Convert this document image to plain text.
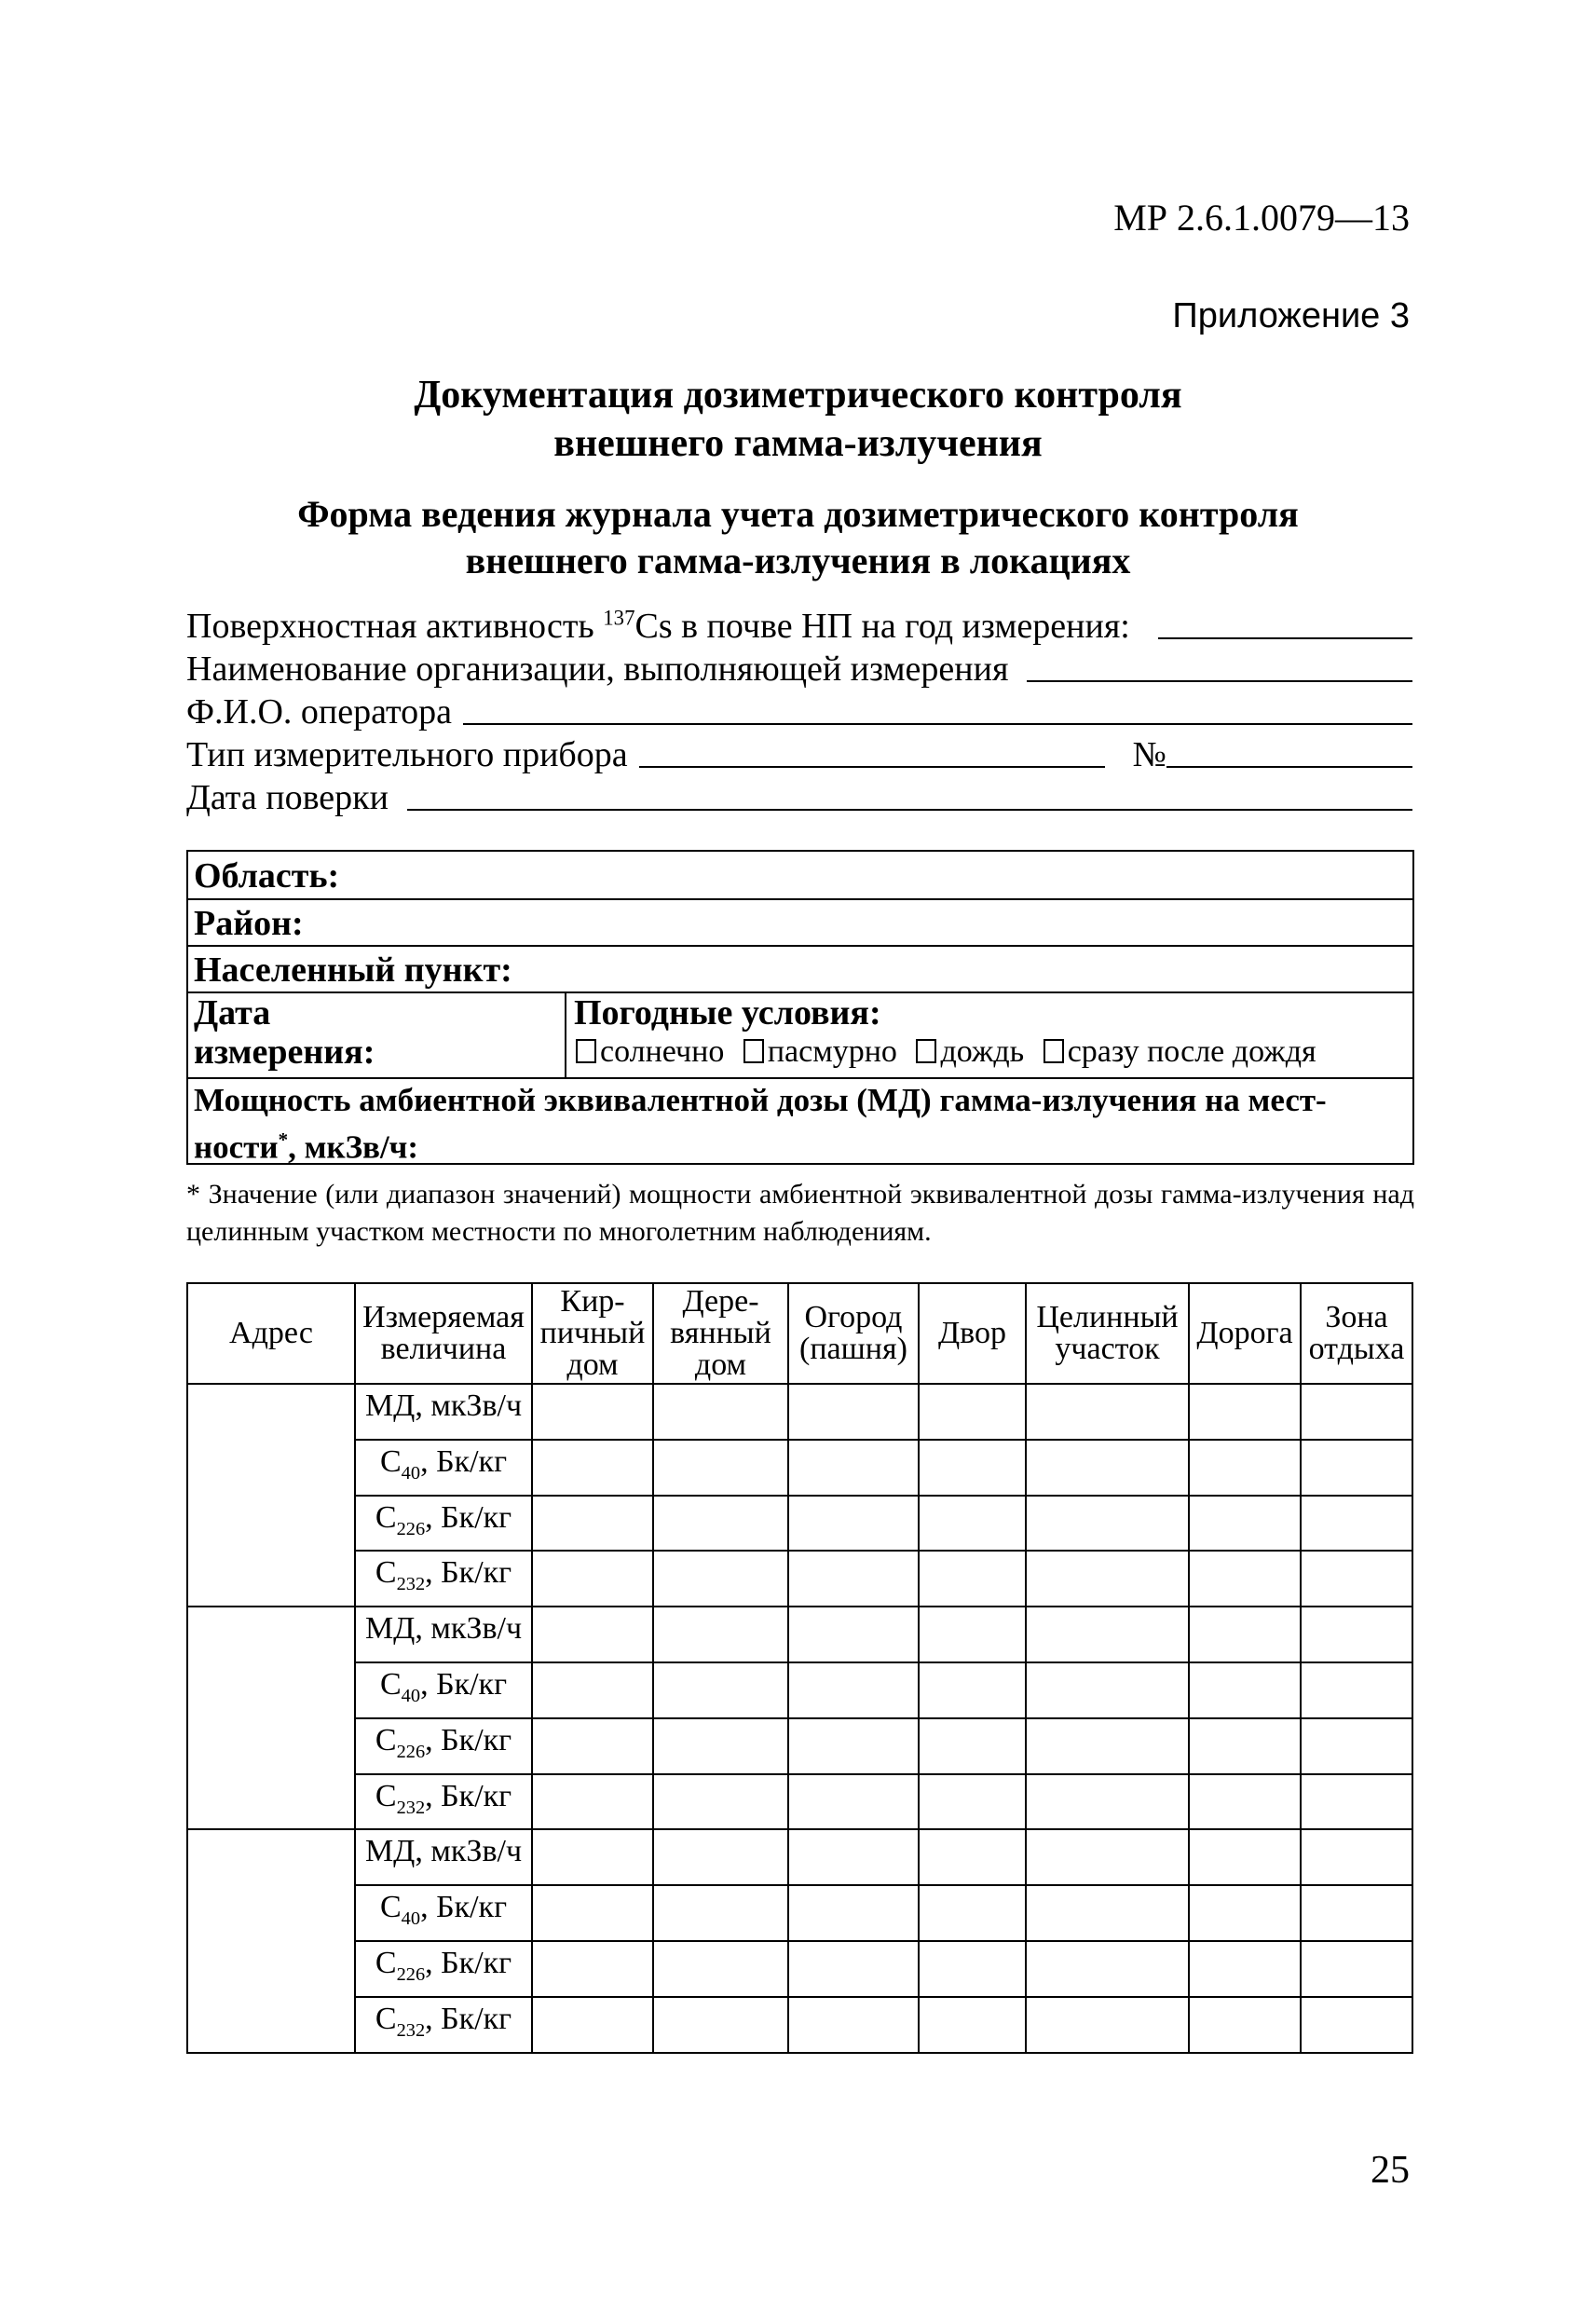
МР 2.6.1.0079—13
Приложение 3
Документация дозиметрического контроля
внешнего гамма-излучения
Форма ведения журнала учета дозиметрического контроля
внешнего гамма-излучения в локациях
Поверхностная активность $^{137}$Cs в почве НП на год измерения:
Наименование организации, выполняющей измерения
Ф.И.О. оператора
Тип измерительного прибора	№
Дата поверки
Область:
Район:
Населенный пункт:
Дата
измерения:
Погодные условия:
солнечно пасмурно дождь сразу после дождя
Мощность амбиентной эквивалентной дозы (МД) гамма-излучения на мест-
ности*, мкЗв/ч:
* Значение (или диапазон значений) мощности амбиентной эквивалентной дозы гамма-излучения над целинным участком местности по многолетним наблюдениям.
Адрес	Измеряемая величина	Кир-пичный дом	Дере-вянный дом	Огород (пашня)	Двор	Целинный участок	Дорога	Зона отдыха
	МД, мкЗв/ч							
	$C_{40}$, Бк/кг							
	$C_{226}$, Бк/кг							
	$C_{232}$, Бк/кг							
	МД, мкЗв/ч							
	$C_{40}$, Бк/кг							
	$C_{226}$, Бк/кг							
	$C_{232}$, Бк/кг							
	МД, мкЗв/ч							
	$C_{40}$, Бк/кг							
	$C_{226}$, Бк/кг							
	$C_{232}$, Бк/кг							
25
